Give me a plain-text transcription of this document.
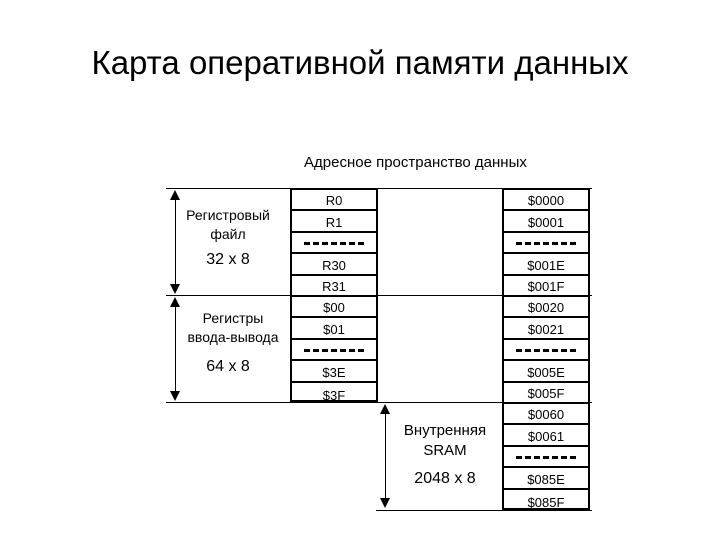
Карта оперативной памяти данных
Адресное пространство данных
Регистровый
файл
32 x 8
Регистры
ввода-вывода
64 x 8
Внутренняя
SRAM
2048 x 8
R0
R1
R30
R31
$00
$01
$3E
$3F
$0000
$0001
$001E
$001F
$0020
$0021
$005E
$005F
$0060
$0061
$085E
$085F
